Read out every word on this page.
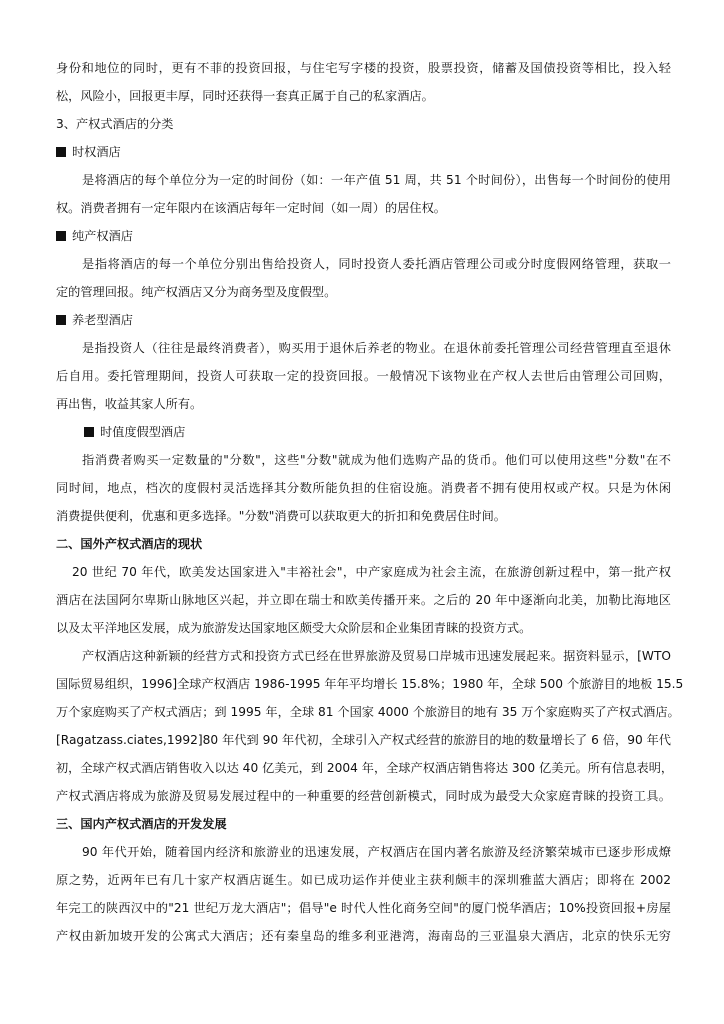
身份和地位的同时，更有不菲的投资回报，与住宅写字楼的投资，股票投资，储蓄及国债投资等相比，投入轻
松，风险小，回报更丰厚，同时还获得一套真正属于自己的私家酒店。
3、产权式酒店的分类
时权酒店
是将酒店的每个单位分为一定的时间份（如：一年产值 51 周，共 51 个时间份），出售每一个时间份的使用
权。消费者拥有一定年限内在该酒店每年一定时间（如一周）的居住权。
纯产权酒店
是指将酒店的每一个单位分别出售给投资人，同时投资人委托酒店管理公司或分时度假网络管理，获取一
定的管理回报。纯产权酒店又分为商务型及度假型。
养老型酒店
是指投资人（往往是最终消费者），购买用于退休后养老的物业。在退休前委托管理公司经营管理直至退休
后自用。委托管理期间，投资人可获取一定的投资回报。一般情况下该物业在产权人去世后由管理公司回购，
再出售，收益其家人所有。
时值度假型酒店
指消费者购买一定数量的"分数"，这些"分数"就成为他们选购产品的货币。他们可以使用这些"分数"在不
同时间，地点，档次的度假村灵活选择其分数所能负担的住宿设施。消费者不拥有使用权或产权。只是为休闲
消费提供便利，优惠和更多选择。"分数"消费可以获取更大的折扣和免费居住时间。
二、国外产权式酒店的现状
20 世纪 70 年代，欧美发达国家进入"丰裕社会"，中产家庭成为社会主流，在旅游创新过程中，第一批产权
酒店在法国阿尔卑斯山脉地区兴起，并立即在瑞士和欧美传播开来。之后的 20 年中逐渐向北美，加勒比海地区
以及太平洋地区发展，成为旅游发达国家地区颇受大众阶层和企业集团青睐的投资方式。
产权酒店这种新颖的经营方式和投资方式已经在世界旅游及贸易口岸城市迅速发展起来。据资料显示，[WTO
国际贸易组织，1996]全球产权酒店 1986-1995 年年平均增长 15.8%；1980 年，全球 500 个旅游目的地板 15.5
万个家庭购买了产权式酒店；到 1995 年，全球 81 个国家 4000 个旅游目的地有 35 万个家庭购买了产权式酒店。
[Ragatzass.ciates,1992]80 年代到 90 年代初，全球引入产权式经营的旅游目的地的数量增长了 6 倍，90 年代
初，全球产权式酒店销售收入以达 40 亿美元，到 2004 年，全球产权酒店销售将达 300 亿美元。所有信息表明，
产权式酒店将成为旅游及贸易发展过程中的一种重要的经营创新模式，同时成为最受大众家庭青睐的投资工具。
三、国内产权式酒店的开发发展
90 年代开始，随着国内经济和旅游业的迅速发展，产权酒店在国内著名旅游及经济繁荣城市已逐步形成燎
原之势，近两年已有几十家产权酒店诞生。如已成功运作并使业主获利颇丰的深圳雅蓝大酒店；即将在 2002
年完工的陕西汉中的"21 世纪万龙大酒店"；倡导"e 时代人性化商务空间"的厦门悦华酒店；10%投资回报+房屋
产权由新加坡开发的公寓式大酒店；还有秦皇岛的维多利亚港湾，海南岛的三亚温泉大酒店，北京的快乐无穷
